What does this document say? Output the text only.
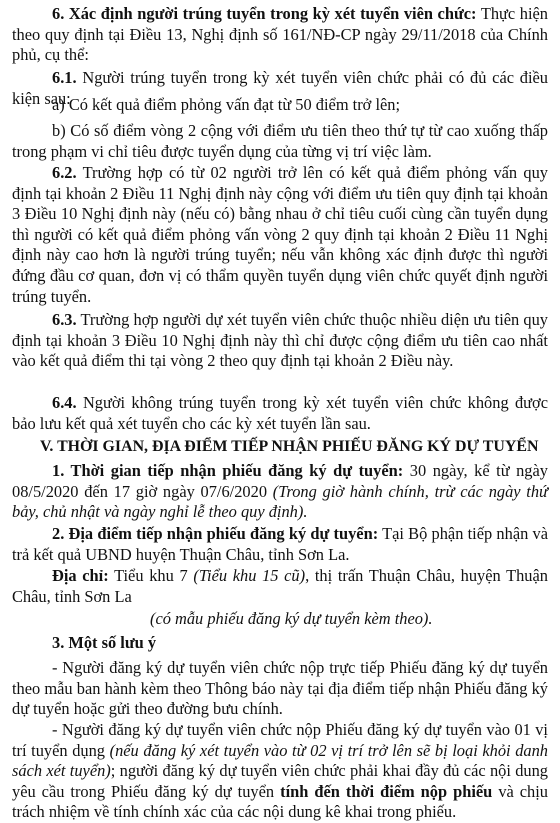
6. Xác định người trúng tuyển trong kỳ xét tuyển viên chức: Thực hiện theo quy định tại Điều 13, Nghị định số 161/NĐ-CP ngày 29/11/2018 của Chính phủ, cụ thể:

6.1. Người trúng tuyển trong kỳ xét tuyển viên chức phải có đủ các điều kiện sau:

a) Có kết quả điểm phỏng vấn đạt từ 50 điểm trở lên;

b) Có số điểm vòng 2 cộng với điểm ưu tiên theo thứ tự từ cao xuống thấp trong phạm vi chỉ tiêu được tuyển dụng của từng vị trí việc làm.

6.2. Trường hợp có từ 02 người trở lên có kết quả điểm phỏng vấn quy định tại khoản 2 Điều 11 Nghị định này cộng với điểm ưu tiên quy định tại khoản 3 Điều 10 Nghị định này (nếu có) bằng nhau ở chỉ tiêu cuối cùng cần tuyển dụng thì người có kết quả điểm phỏng vấn vòng 2 quy định tại khoản 2 Điều 11 Nghị định này cao hơn là người trúng tuyển; nếu vẫn không xác định được thì người đứng đầu cơ quan, đơn vị có thẩm quyền tuyển dụng viên chức quyết định người trúng tuyển.

6.3. Trường hợp người dự xét tuyển viên chức thuộc nhiều diện ưu tiên quy định tại khoản 3 Điều 10 Nghị định này thì chỉ được cộng điểm ưu tiên cao nhất vào kết quả điểm thi tại vòng 2 theo quy định tại khoản 2 Điều này.

6.4. Người không trúng tuyển trong kỳ xét tuyển viên chức không được bảo lưu kết quả xét tuyển cho các kỳ xét tuyển lần sau.

V. THỜI GIAN, ĐỊA ĐIỂM TIẾP NHẬN PHIẾU ĐĂNG KÝ DỰ TUYỂN

1. Thời gian tiếp nhận phiếu đăng ký dự tuyển: 30 ngày, kể từ ngày 08/5/2020 đến 17 giờ ngày 07/6/2020 (Trong giờ hành chính, trừ các ngày thứ bảy, chủ nhật và ngày nghỉ lễ theo quy định).

2. Địa điểm tiếp nhận phiếu đăng ký dự tuyển: Tại Bộ phận tiếp nhận và trả kết quả UBND huyện Thuận Châu, tỉnh Sơn La.

Địa chỉ: Tiểu khu 7 (Tiểu khu 15 cũ), thị trấn Thuận Châu, huyện Thuận Châu, tỉnh Sơn La

(có mẫu phiếu đăng ký dự tuyển kèm theo).

3. Một số lưu ý

- Người đăng ký dự tuyển viên chức nộp trực tiếp Phiếu đăng ký dự tuyển theo mẫu ban hành kèm theo Thông báo này tại địa điểm tiếp nhận Phiếu đăng ký dự tuyển hoặc gửi theo đường bưu chính.

- Người đăng ký dự tuyển viên chức nộp Phiếu đăng ký dự tuyển vào 01 vị trí tuyển dụng (nếu đăng ký xét tuyển vào từ 02 vị trí trở lên sẽ bị loại khỏi danh sách xét tuyển); người đăng ký dự tuyển viên chức phải khai đầy đủ các nội dung yêu cầu trong Phiếu đăng ký dự tuyển tính đến thời điểm nộp phiếu và chịu trách nhiệm về tính chính xác của các nội dung kê khai trong phiếu.
